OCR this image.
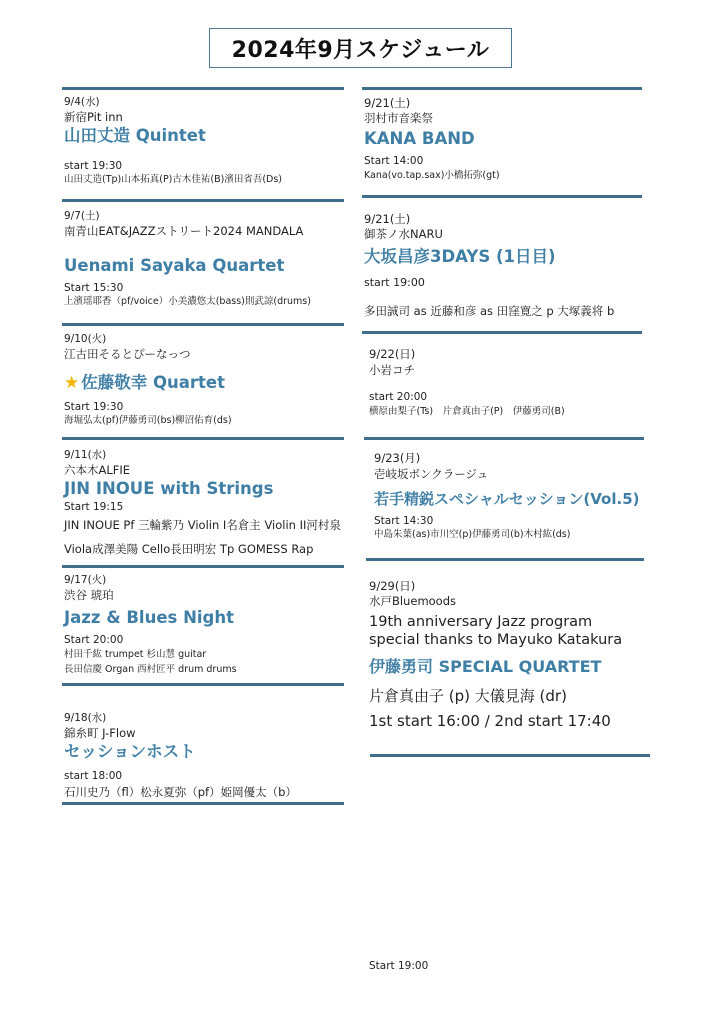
2024年9月スケジュール
9/4(水)
新宿Pit inn
山田丈造 Quintet
start 19:30
山田丈造(Tp)山本拓真(P)古木佳祐(B)濱田省吾(Ds)
9/7(土)
南青山EAT&JAZZストリート2024 MANDALA
Uenami Sayaka Quartet
Start 15:30
上濱瑶耶香（pf/voice）小美濃悠太(bass)則武諒(drums)
9/10(火)
江古田そるとぴーなっつ
★ 佐藤敬幸 Quartet
Start 19:30
海堀弘太(pf)伊藤勇司(bs)柳沼佑育(ds)
9/11(水)
六本木ALFIE
JIN INOUE with Strings
Start 19:15
JIN INOUE Pf 三輪紫乃 Violin I名倉主 Violin II河村泉
Viola成澤美陽 Cello長田明宏 Tp GOMESS Rap
9/17(火)
渋谷 琥珀
Jazz & Blues Night
Start 20:00
村田千紘 trumpet 杉山慧 guitar
長田信慶 Organ 西村匠平 drum drums
9/18(水)
錦糸町 J-Flow
セッションホスト
start 18:00
石川史乃（fl）松永夏弥（pf）姫岡優太（b）
9/21(土)
羽村市音楽祭
KANA BAND
Start 14:00
Kana(vo.tap.sax)小橋拓弥(gt)
9/21(土)
御茶ノ水NARU
大坂昌彦3DAYS (1日目)
start 19:00
多田誠司 as 近藤和彦 as 田窪寛之 p 大塚義将 b
9/22(日)
小岩コチ
start 20:00
横原由梨子(Ts)　片倉真由子(P)　伊藤勇司(B)
9/23(月)
壱岐坂ボンクラージュ
若手精鋭スペシャルセッション(Vol.5)
Start 14:30
中島朱葉(as)市川空(p)伊藤勇司(b)木村紘(ds)
9/29(日)
水戸Bluemoods
19th anniversary Jazz program
special thanks to Mayuko Katakura
伊藤勇司 SPECIAL QUARTET
片倉真由子 (p) 大儀見海 (dr)
1st start 16:00 / 2nd start 17:40
Start 19:00
